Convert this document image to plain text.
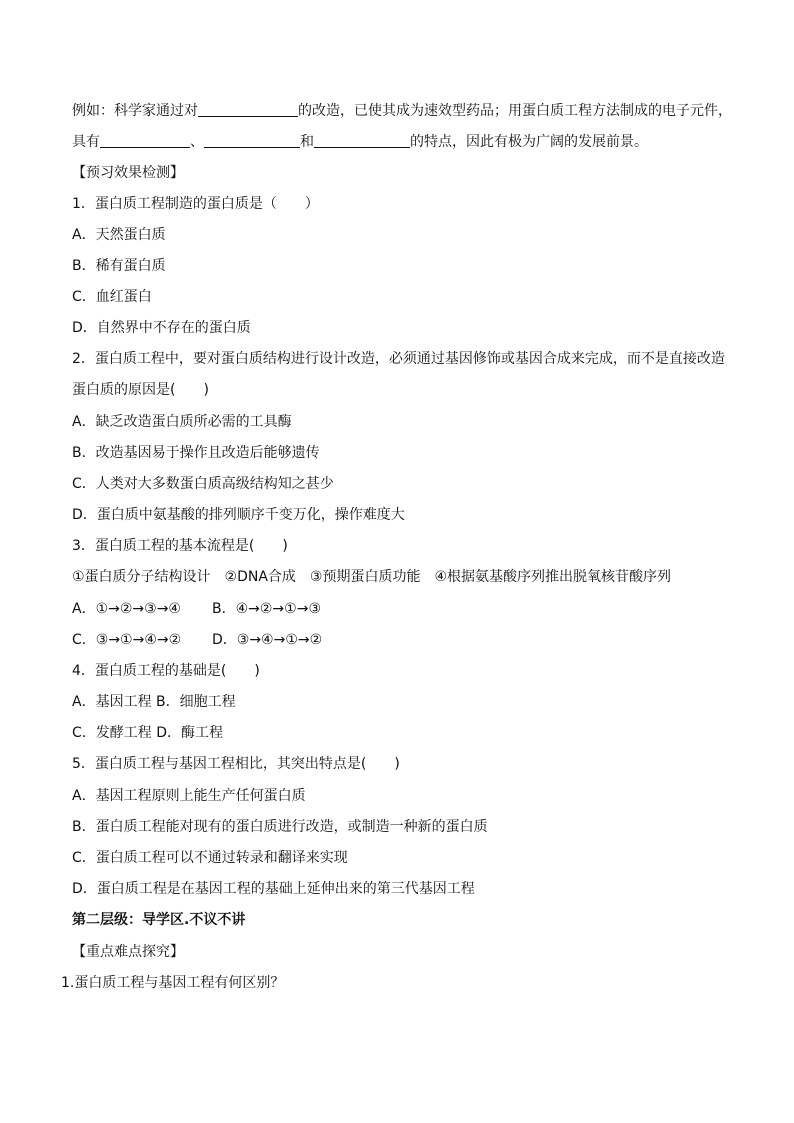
例如：科学家通过对	的改造，已使其成为速效型药品；用蛋白质工程方法制成的电子元件，
具有	、	和	的特点，因此有极为广阔的发展前景。
【预习效果检测】
1．蛋白质工程制造的蛋白质是（　　）
A．天然蛋白质
B．稀有蛋白质
C．血红蛋白
D．自然界中不存在的蛋白质
2．蛋白质工程中，要对蛋白质结构进行设计改造，必须通过基因修饰或基因合成来完成，而不是直接改造
蛋白质的原因是(　　)
A．缺乏改造蛋白质所必需的工具酶
B．改造基因易于操作且改造后能够遗传
C．人类对大多数蛋白质高级结构知之甚少
D．蛋白质中氨基酸的排列顺序千变万化，操作难度大
3．蛋白质工程的基本流程是(　　)
①蛋白质分子结构设计　②DNA合成　③预期蛋白质功能　④根据氨基酸序列推出脱氧核苷酸序列
A．①→②→③→④ B．④→②→①→③
C．③→①→④→② D．③→④→①→②
4．蛋白质工程的基础是(　　)
A．基因工程 B．细胞工程
C．发酵工程 D．酶工程
5．蛋白质工程与基因工程相比，其突出特点是(　　)
A．基因工程原则上能生产任何蛋白质
B．蛋白质工程能对现有的蛋白质进行改造，或制造一种新的蛋白质
C．蛋白质工程可以不通过转录和翻译来实现
D．蛋白质工程是在基因工程的基础上延伸出来的第三代基因工程
第二层级：导学区.不议不讲
【重点难点探究】
1.蛋白质工程与基因工程有何区别？
